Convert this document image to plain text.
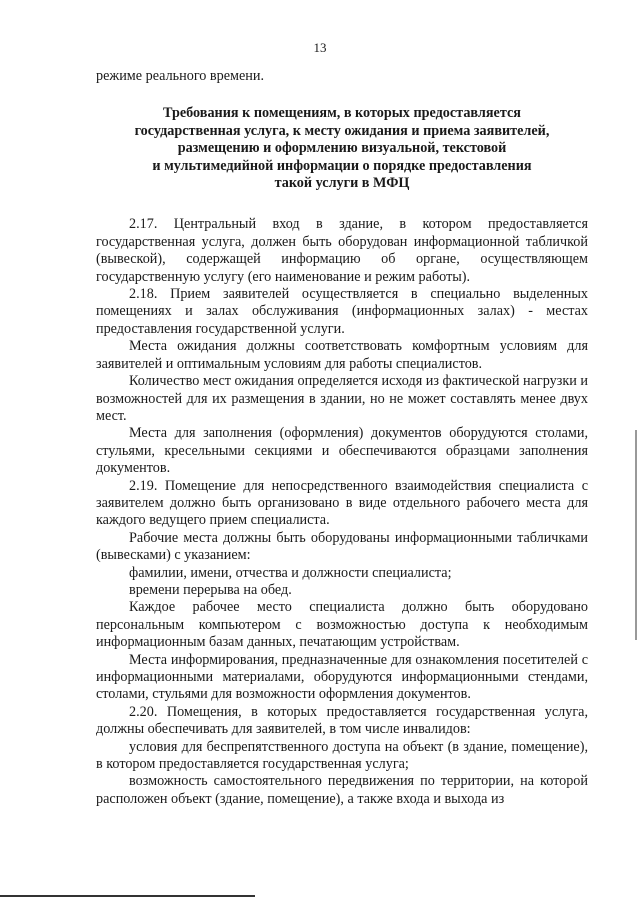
13

режиме реального времени.

Требования к помещениям, в которых предоставляется
государственная услуга, к месту ожидания и приема заявителей,
размещению и оформлению визуальной, текстовой
и мультимедийной информации о порядке предоставления
такой услуги в МФЦ

2.17. Центральный вход в здание, в котором предоставляется государственная услуга, должен быть оборудован информационной табличкой (вывеской), содержащей информацию об органе, осуществляющем государственную услугу (его наименование и режим работы).

2.18. Прием заявителей осуществляется в специально выделенных помещениях и залах обслуживания (информационных залах) - местах предоставления государственной услуги.

Места ожидания должны соответствовать комфортным условиям для заявителей и оптимальным условиям для работы специалистов.

Количество мест ожидания определяется исходя из фактической нагрузки и возможностей для их размещения в здании, но не может составлять менее двух мест.

Места для заполнения (оформления) документов оборудуются столами, стульями, кресельными секциями и обеспечиваются образцами заполнения документов.

2.19. Помещение для непосредственного взаимодействия специалиста с заявителем должно быть организовано в виде отдельного рабочего места для каждого ведущего прием специалиста.

Рабочие места должны быть оборудованы информационными табличками (вывесками) с указанием:

фамилии, имени, отчества и должности специалиста;

времени перерыва на обед.

Каждое рабочее место специалиста должно быть оборудовано персональным компьютером с возможностью доступа к необходимым информационным базам данных, печатающим устройствам.

Места информирования, предназначенные для ознакомления посетителей с информационными материалами, оборудуются информационными стендами, столами, стульями для возможности оформления документов.

2.20. Помещения, в которых предоставляется государственная услуга, должны обеспечивать для заявителей, в том числе инвалидов:

условия для беспрепятственного доступа на объект (в здание, помещение), в котором предоставляется государственная услуга;

возможность самостоятельного передвижения по территории, на которой расположен объект (здание, помещение), а также входа и выхода из
